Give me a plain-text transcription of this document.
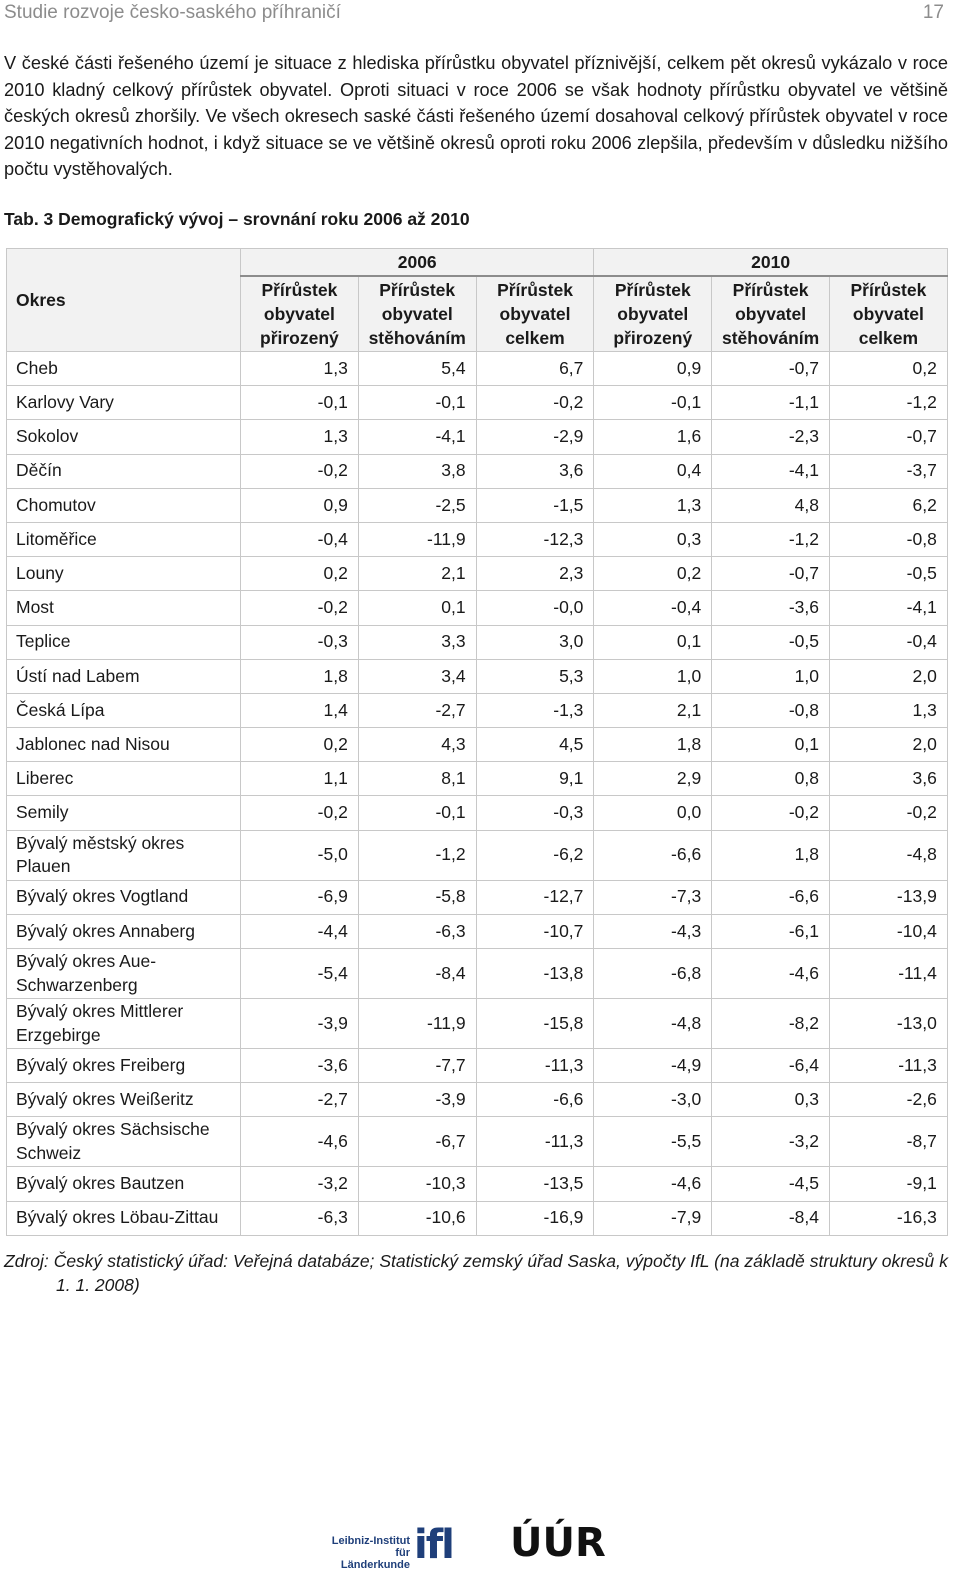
Studie rozvoje česko-saského příhraničí	17

V české části řešeného území je situace z hlediska přírůstku obyvatel příznivější, celkem pět okresů vykázalo v roce 2010 kladný celkový přírůstek obyvatel. Oproti situaci v roce 2006 se však hodnoty přírůstku obyvatel ve většině českých okresů zhoršily. Ve všech okresech saské části řešeného území dosahoval celkový přírůstek obyvatel v roce 2010 negativních hodnot, i když situace se ve většině okresů oproti roku 2006 zlepšila, především v důsledku nižšího počtu vystěhovalých.

Tab. 3 Demografický vývoj – srovnání roku 2006 až 2010

Okres	2006			2010		
	Přírůstek obyvatel přirozený	Přírůstek obyvatel stěhováním	Přírůstek obyvatel celkem	Přírůstek obyvatel přirozený	Přírůstek obyvatel stěhováním	Přírůstek obyvatel celkem
Cheb	1,3	5,4	6,7	0,9	-0,7	0,2
Karlovy Vary	-0,1	-0,1	-0,2	-0,1	-1,1	-1,2
Sokolov	1,3	-4,1	-2,9	1,6	-2,3	-0,7
Děčín	-0,2	3,8	3,6	0,4	-4,1	-3,7
Chomutov	0,9	-2,5	-1,5	1,3	4,8	6,2
Litoměřice	-0,4	-11,9	-12,3	0,3	-1,2	-0,8
Louny	0,2	2,1	2,3	0,2	-0,7	-0,5
Most	-0,2	0,1	-0,0	-0,4	-3,6	-4,1
Teplice	-0,3	3,3	3,0	0,1	-0,5	-0,4
Ústí nad Labem	1,8	3,4	5,3	1,0	1,0	2,0
Česká Lípa	1,4	-2,7	-1,3	2,1	-0,8	1,3
Jablonec nad Nisou	0,2	4,3	4,5	1,8	0,1	2,0
Liberec	1,1	8,1	9,1	2,9	0,8	3,6
Semily	-0,2	-0,1	-0,3	0,0	-0,2	-0,2
Bývalý městský okres Plauen	-5,0	-1,2	-6,2	-6,6	1,8	-4,8
Bývalý okres Vogtland	-6,9	-5,8	-12,7	-7,3	-6,6	-13,9
Bývalý okres Annaberg	-4,4	-6,3	-10,7	-4,3	-6,1	-10,4
Bývalý okres Aue-Schwarzenberg	-5,4	-8,4	-13,8	-6,8	-4,6	-11,4
Bývalý okres Mittlerer Erzgebirge	-3,9	-11,9	-15,8	-4,8	-8,2	-13,0
Bývalý okres Freiberg	-3,6	-7,7	-11,3	-4,9	-6,4	-11,3
Bývalý okres Weißeritz	-2,7	-3,9	-6,6	-3,0	0,3	-2,6
Bývalý okres Sächsische Schweiz	-4,6	-6,7	-11,3	-5,5	-3,2	-8,7
Bývalý okres Bautzen	-3,2	-10,3	-13,5	-4,6	-4,5	-9,1
Bývalý okres Löbau-Zittau	-6,3	-10,6	-16,9	-7,9	-8,4	-16,3

Zdroj: Český statistický úřad: Veřejná databáze; Statistický zemský úřad Saska, výpočty IfL (na základě struktury okresů k 1. 1. 2008)

Leibniz-Institut für Länderkunde ifl ÚÚR
